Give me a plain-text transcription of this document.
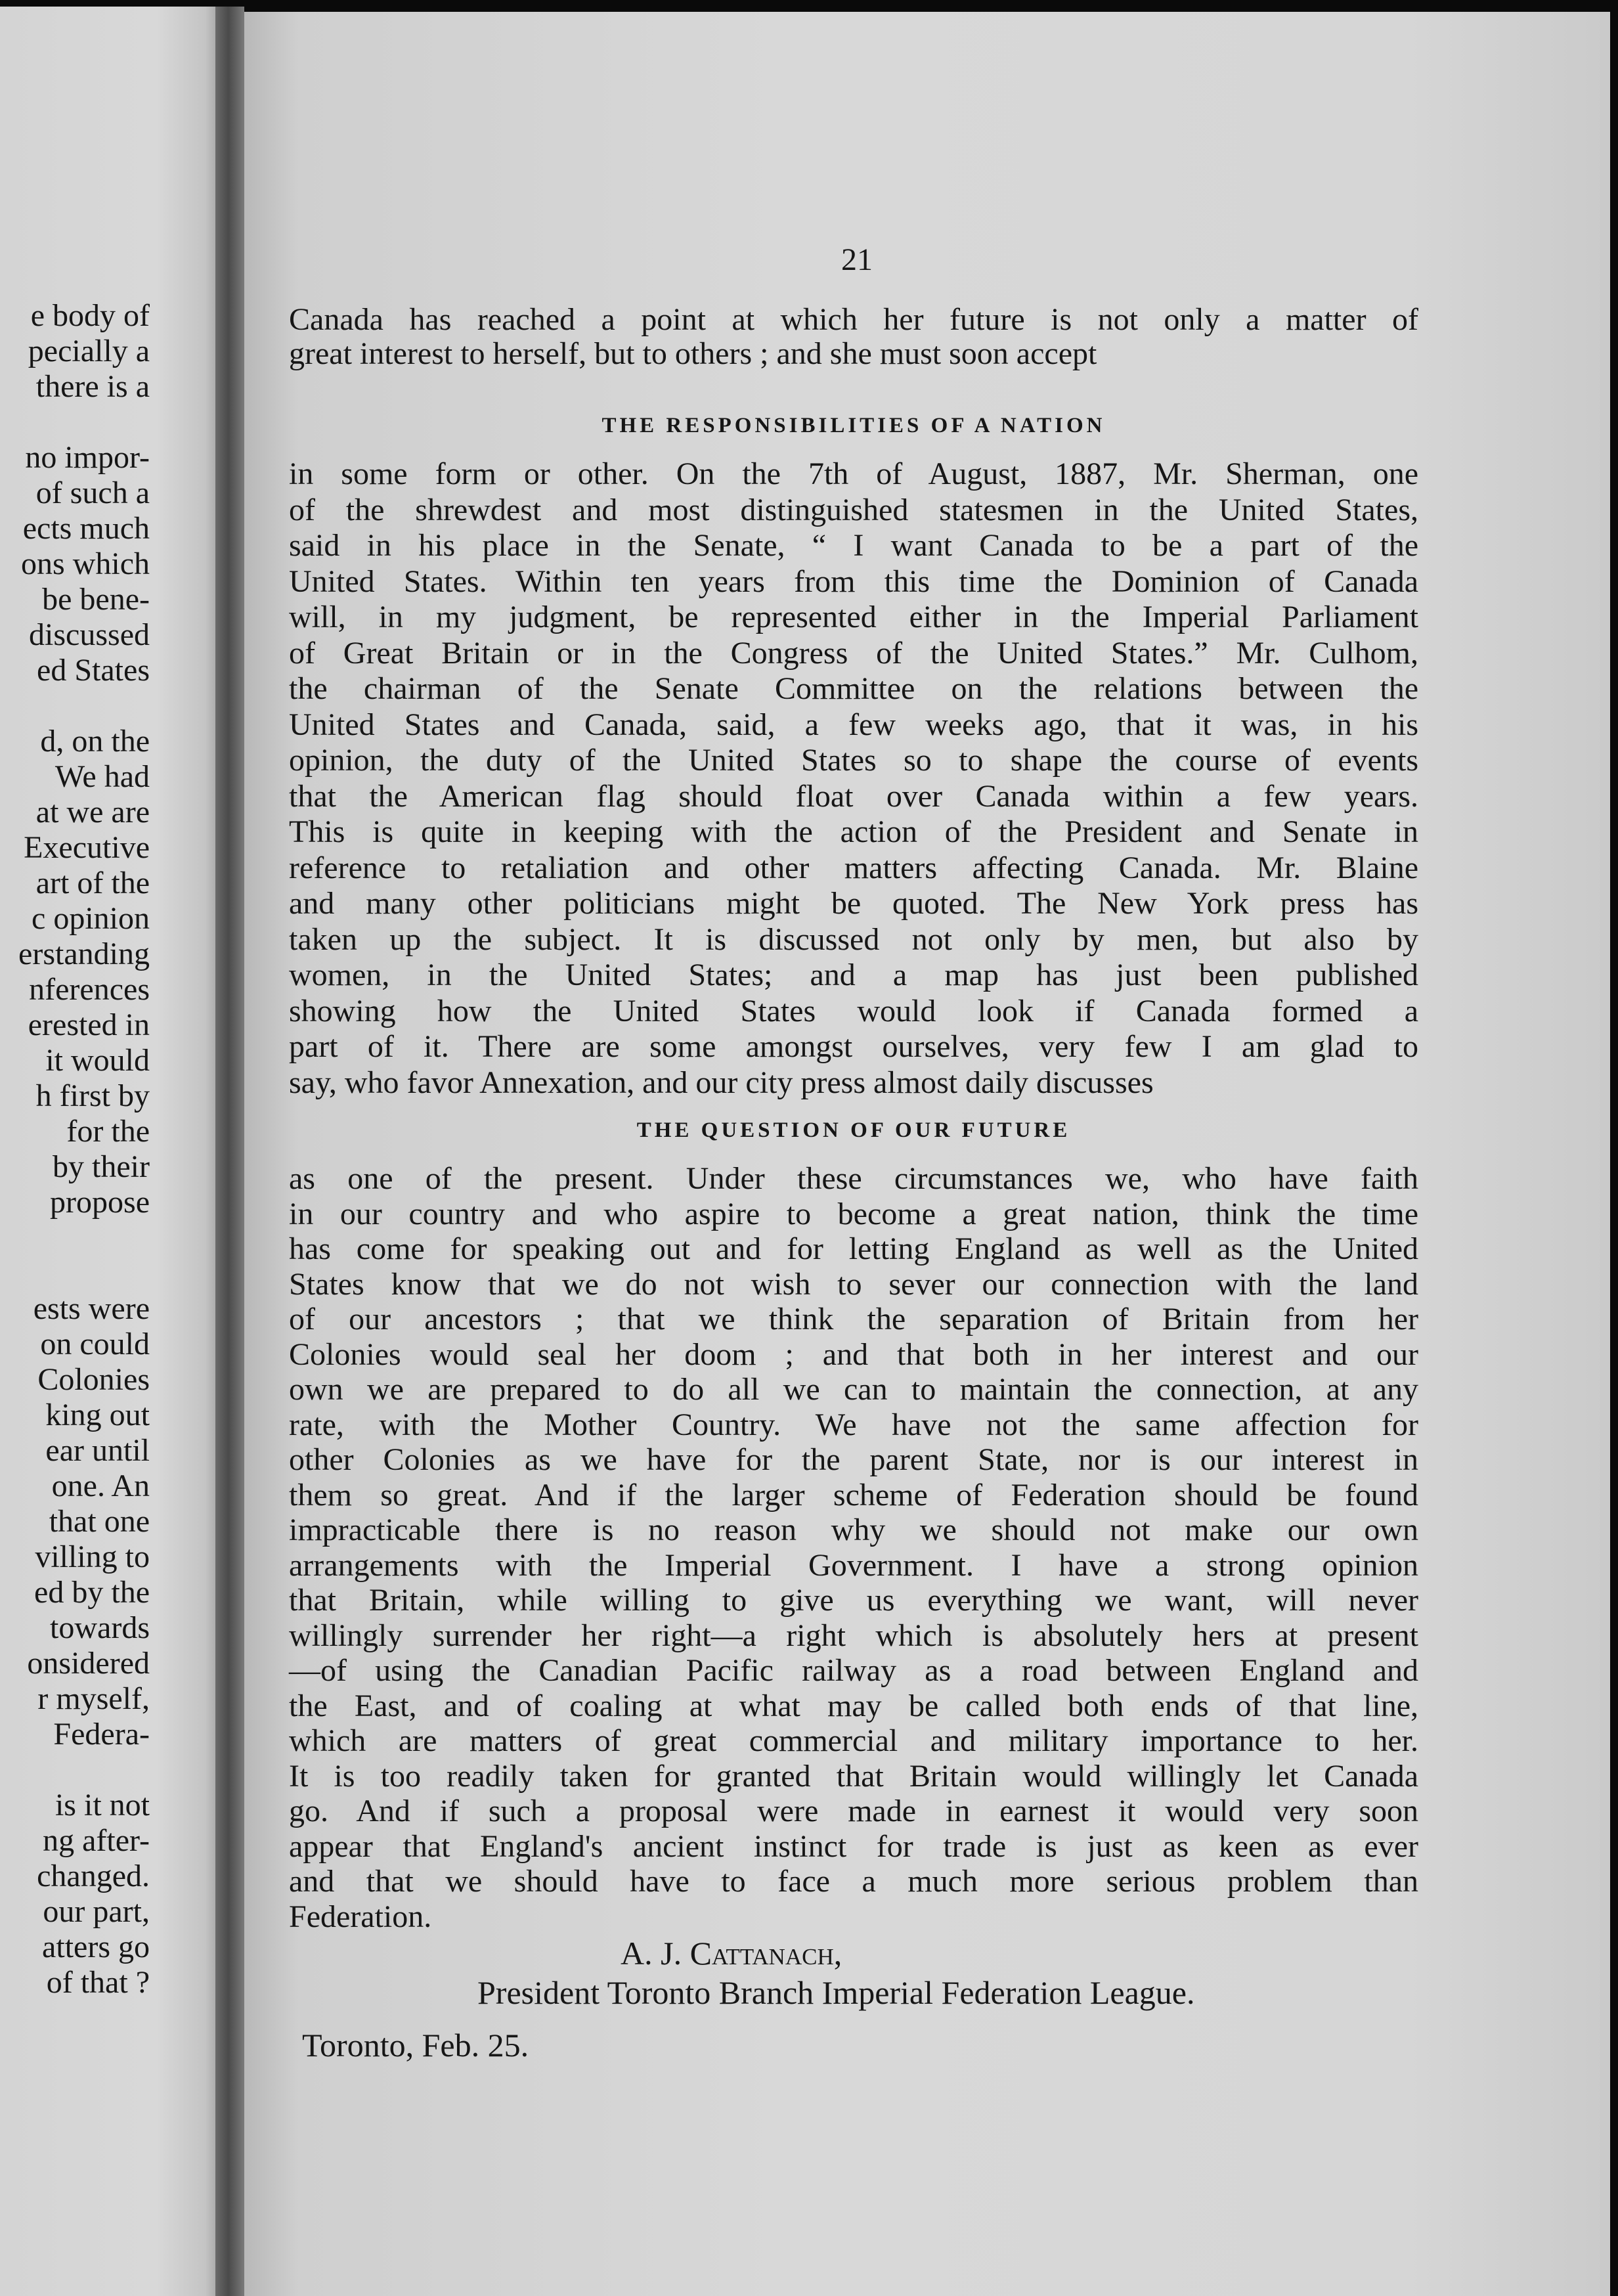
e body of
pecially a
there is a
no impor-
of such a
ects much
ons which
be bene-
discussed
ed States
d, on the
We had
at we are
Executive
art of the
c opinion
erstanding
nferences
erested in
it would
h first by
for the
by their
propose
ests were
on could
Colonies
king out
ear until
one. An
that one
villing to
ed by the
towards
onsidered
r myself,
Federa-
is it not
ng after-
changed.
our part,
atters go
of that ?
21
Canada has reached a point at which her future is not only a matter of
great interest to herself, but to others ; and she must soon accept
THE RESPONSIBILITIES OF A NATION
in some form or other. On the 7th of August, 1887, Mr. Sherman, one
of the shrewdest and most distinguished statesmen in the United States,
said in his place in the Senate, “ I want Canada to be a part of the
United States. Within ten years from this time the Dominion of Canada
will, in my judgment, be represented either in the Imperial Parliament
of Great Britain or in the Congress of the United States.” Mr. Culhom,
the chairman of the Senate Committee on the relations between the
United States and Canada, said, a few weeks ago, that it was, in his
opinion, the duty of the United States so to shape the course of events
that the American flag should float over Canada within a few years.
This is quite in keeping with the action of the President and Senate in
reference to retaliation and other matters affecting Canada. Mr. Blaine
and many other politicians might be quoted. The New York press has
taken up the subject. It is discussed not only by men, but also by
women, in the United States; and a map has just been published
showing how the United States would look if Canada formed a
part of it. There are some amongst ourselves, very few I am glad to
say, who favor Annexation, and our city press almost daily discusses
THE QUESTION OF OUR FUTURE
as one of the present. Under these circumstances we, who have faith
in our country and who aspire to become a great nation, think the time
has come for speaking out and for letting England as well as the United
States know that we do not wish to sever our connection with the land
of our ancestors ; that we think the separation of Britain from her
Colonies would seal her doom ; and that both in her interest and our
own we are prepared to do all we can to maintain the connection, at any
rate, with the Mother Country. We have not the same affection for
other Colonies as we have for the parent State, nor is our interest in
them so great. And if the larger scheme of Federation should be found
impracticable there is no reason why we should not make our own
arrangements with the Imperial Government. I have a strong opinion
that Britain, while willing to give us everything we want, will never
willingly surrender her right—a right which is absolutely hers at present
—of using the Canadian Pacific railway as a road between England and
the East, and of coaling at what may be called both ends of that line,
which are matters of great commercial and military importance to her.
It is too readily taken for granted that Britain would willingly let Canada
go. And if such a proposal were made in earnest it would very soon
appear that England's ancient instinct for trade is just as keen as ever
and that we should have to face a much more serious problem than
Federation.
A. J. Cattanach,
President Toronto Branch Imperial Federation League.
Toronto, Feb. 25.
